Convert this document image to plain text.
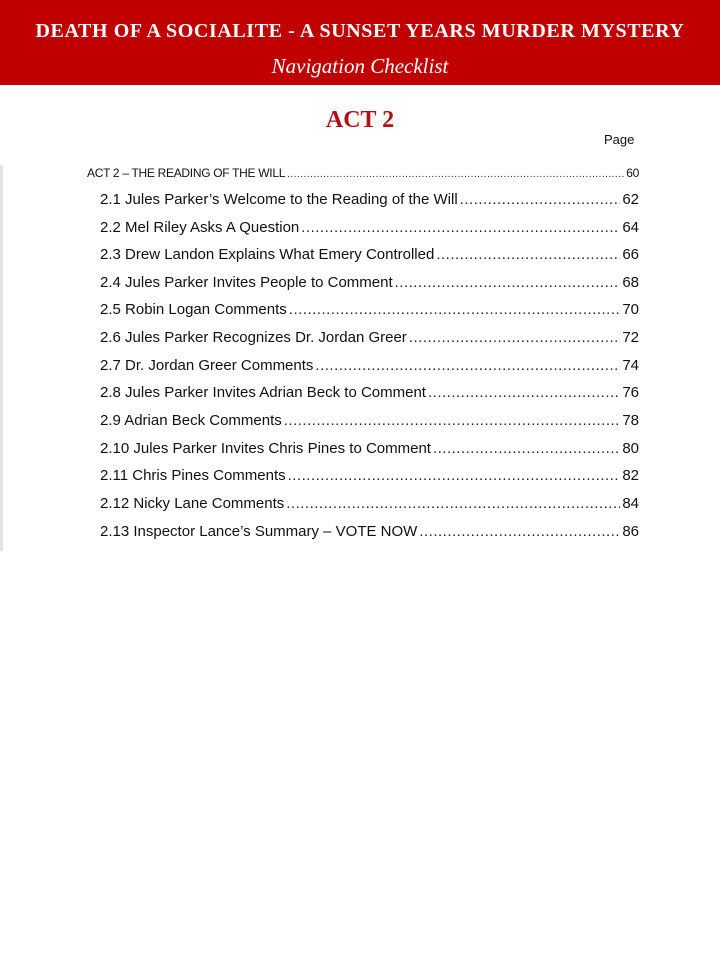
DEATH OF A SOCIALITE - A SUNSET YEARS MURDER MYSTERY
Navigation Checklist
ACT 2
Page
ACT 2 – THE READING OF THE WILL .....	60
2.1 Jules Parker’s Welcome to the Reading of the Will .....	62
2.2 Mel Riley Asks A Question .....	64
2.3 Drew Landon Explains What Emery Controlled .....	66
2.4 Jules Parker Invites People to Comment .....	68
2.5 Robin Logan Comments .....	70
2.6 Jules Parker Recognizes Dr. Jordan Greer .....	72
2.7 Dr. Jordan Greer Comments .....	74
2.8 Jules Parker Invites Adrian Beck to Comment .....	76
2.9 Adrian Beck Comments .....	78
2.10 Jules Parker Invites Chris Pines to Comment .....	80
2.11 Chris Pines Comments .....	82
2.12 Nicky Lane Comments .....	84
2.13 Inspector Lance’s Summary – VOTE NOW .....	86
